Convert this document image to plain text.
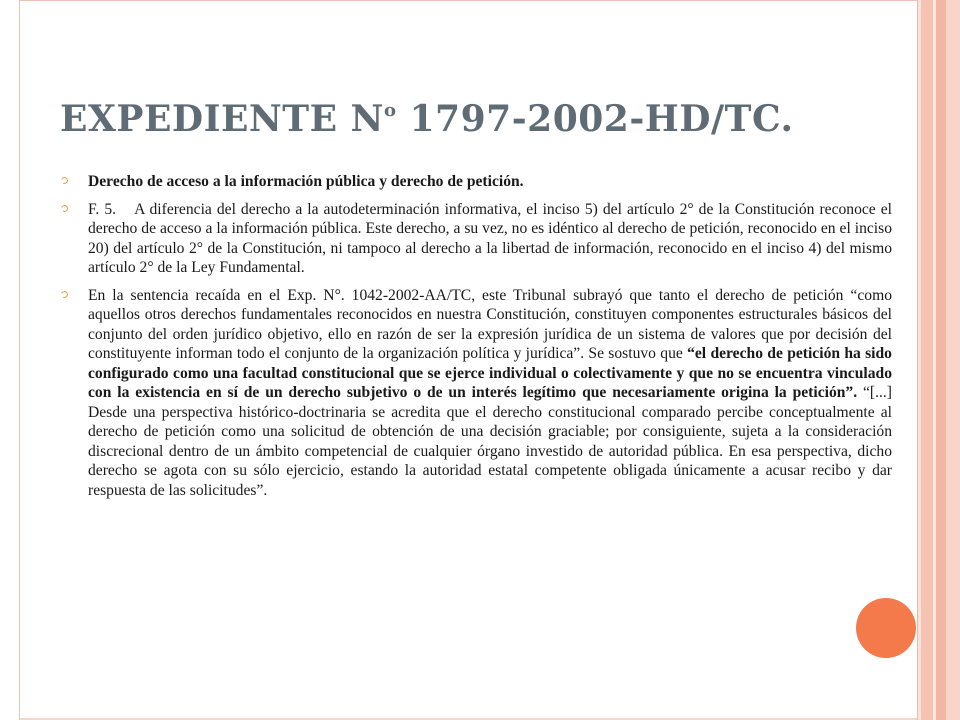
EXPEDIENTE $N^o$ 1797-2002-HD/TC.

Derecho de acceso a la información pública y derecho de petición.

F. 5. A diferencia del derecho a la autodeterminación informativa, el inciso 5) del artículo 2° de la Constitución reconoce el derecho de acceso a la información pública. Este derecho, a su vez, no es idéntico al derecho de petición, reconocido en el inciso 20) del artículo 2° de la Constitución, ni tampoco al derecho a la libertad de información, reconocido en el inciso 4) del mismo artículo 2° de la Ley Fundamental.

En la sentencia recaída en el Exp. N°. 1042-2002-AA/TC, este Tribunal subrayó que tanto el derecho de petición “como aquellos otros derechos fundamentales reconocidos en nuestra Constitución, constituyen componentes estructurales básicos del conjunto del orden jurídico objetivo, ello en razón de ser la expresión jurídica de un sistema de valores que por decisión del constituyente informan todo el conjunto de la organización política y jurídica”. Se sostuvo que “el derecho de petición ha sido configurado como una facultad constitucional que se ejerce individual o colectivamente y que no se encuentra vinculado con la existencia en sí de un derecho subjetivo o de un interés legítimo que necesariamente origina la petición”. “[...] Desde una perspectiva histórico-doctrinaria se acredita que el derecho constitucional comparado percibe conceptualmente al derecho de petición como una solicitud de obtención de una decisión graciable; por consiguiente, sujeta a la consideración discrecional dentro de un ámbito competencial de cualquier órgano investido de autoridad pública. En esa perspectiva, dicho derecho se agota con su sólo ejercicio, estando la autoridad estatal competente obligada únicamente a acusar recibo y dar respuesta de las solicitudes”.
